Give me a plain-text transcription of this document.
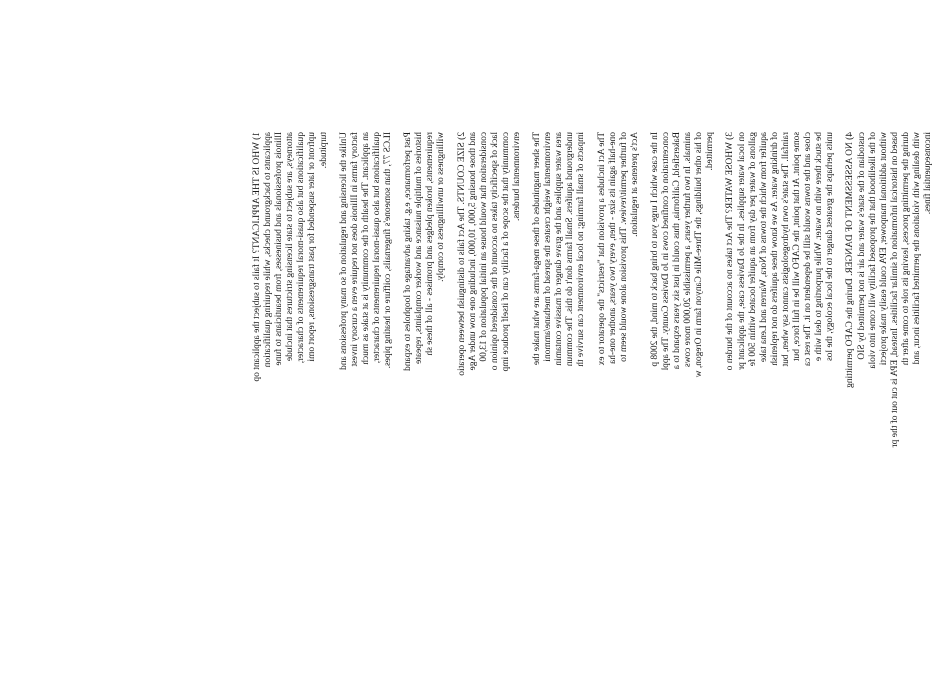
1) WHO IS THE APPLICANT? It fails to subject the applicant op applicants to background checks, while requiring qualification Illinois professionals and businesses, from beauticians to fune attorneys, are subject to state licensing strictures that include qualifications but also quasi-moral requirements of character, upfront or later suspended for past transgressions, report omi turpitude. Unlike the licensing and regulation of so many professions and factory farms in Illinois does not require even a cursory invest an applicant. The health of the community is at stake as much qualifications but also quasi-moral requirements of character, ILCS 77, than someone's fingernails, coiffure or heating pipes. Past performance, e.g. taking advantage of loopholes to expand histories of multiple nuisance and worker complaints, repeate requirements, broken pledges and promises - all of these sh willingness or unwillingness to comply. 2) SIZE COUNTS. The Act fails to distinguish between operatio and those housing 5,000, 10,000, including one now under Age consideration that would house an initial population of 13,00 lack of specificity takes no account of the considered opinion o community that the scope of a facility can of itself produce imp environmental burdens. The sheer magnitudes of these mega-farms are what make the environmental weight creates the spread of methane/ammoni area water supplies and the grave danger of massive contamin underground aquifers. Small farms don't do this. The commun impacts of small farming; no local environment can survive th The Act includes a provision that "restricts" the operator to ex one-half again its size - then, every two years, another one-ha of further permit/review. This provision alone would seem to Act's pretense at regulation. In the case which I urge you to bring back to mind, the 2008 p concentration of confined cows in Jo Daviess County. The appl Bakersfield, California, thus could in just six years expand to a animals. In two further years, a permissible 20,000 more cows of his other buildings, the Three-Mile Canyon farm in Oregon, w permitted. 3) WHOSE WATER? The Act takes no account of the burden o on local water supplies. In the Jo Daviess case, the applicant pr gallons of water per day from an aquifer located within 500 fe aquifer from which the towns of Nora, Warren and Lena take of drinking water. As we know these aquifers do not replenish rainfall. The state's own hydrogeologists cannot say when, but some point. At that point, the CAFO will be in full force, but close and the towns would still be dependent on it. The rest ca be stuck there with no water. While purporting to deal with e units perhaps the greatest danger to the local ecology, the los 4) NO ASSESSMENT OF DANGER. During the CAFO permitting custodian of the state's water and air is not permitted by SIO of the likelihood that the proposed facility will come into viola without additional manpower, EPA could easily make projecti based on historical information of similar facilities. Instead, EPA is cut out of the pr during the permitting process, leaving its role to come after th with dealing with violations the permitted facilities incur, and inconsequential fines.
